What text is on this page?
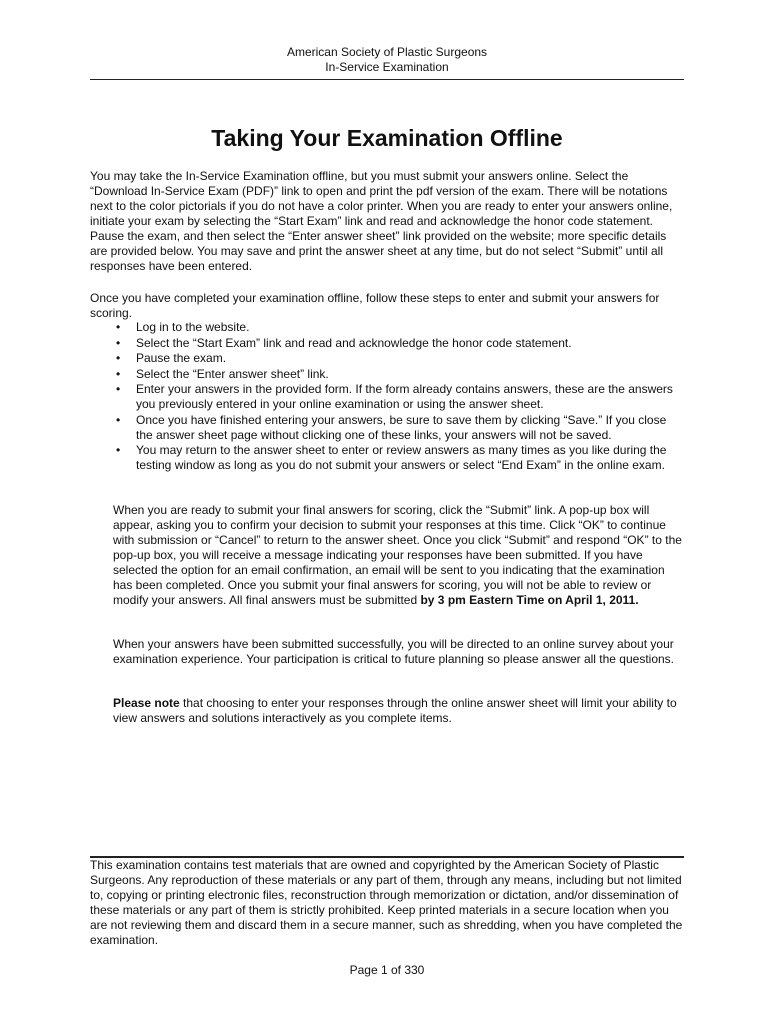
American Society of Plastic Surgeons
In-Service Examination
Taking Your Examination Offline

You may take the In-Service Examination offline, but you must submit your answers online. Select the “Download In-Service Exam (PDF)” link to open and print the pdf version of the exam. There will be notations next to the color pictorials if you do not have a color printer. When you are ready to enter your answers online, initiate your exam by selecting the “Start Exam” link and read and acknowledge the honor code statement. Pause the exam, and then select the “Enter answer sheet” link provided on the website; more specific details are provided below. You may save and print the answer sheet at any time, but do not select “Submit” until all responses have been entered.

Once you have completed your examination offline, follow these steps to enter and submit your answers for scoring.

• Log in to the website.
• Select the “Start Exam” link and read and acknowledge the honor code statement.
• Pause the exam.
• Select the “Enter answer sheet” link.
• Enter your answers in the provided form. If the form already contains answers, these are the answers you previously entered in your online examination or using the answer sheet.
• Once you have finished entering your answers, be sure to save them by clicking “Save.” If you close the answer sheet page without clicking one of these links, your answers will not be saved.
• You may return to the answer sheet to enter or review answers as many times as you like during the testing window as long as you do not submit your answers or select “End Exam” in the online exam.

When you are ready to submit your final answers for scoring, click the “Submit” link. A pop-up box will appear, asking you to confirm your decision to submit your responses at this time. Click “OK” to continue with submission or “Cancel” to return to the answer sheet. Once you click “Submit” and respond “OK” to the pop-up box, you will receive a message indicating your responses have been submitted. If you have selected the option for an email confirmation, an email will be sent to you indicating that the examination has been completed. Once you submit your final answers for scoring, you will not be able to review or modify your answers. All final answers must be submitted by 3 pm Eastern Time on April 1, 2011.

When your answers have been submitted successfully, you will be directed to an online survey about your examination experience. Your participation is critical to future planning so please answer all the questions.

Please note that choosing to enter your responses through the online answer sheet will limit your ability to view answers and solutions interactively as you complete items.

This examination contains test materials that are owned and copyrighted by the American Society of Plastic Surgeons. Any reproduction of these materials or any part of them, through any means, including but not limited to, copying or printing electronic files, reconstruction through memorization or dictation, and/or dissemination of these materials or any part of them is strictly prohibited. Keep printed materials in a secure location when you are not reviewing them and discard them in a secure manner, such as shredding, when you have completed the examination.

Page 1 of 330
